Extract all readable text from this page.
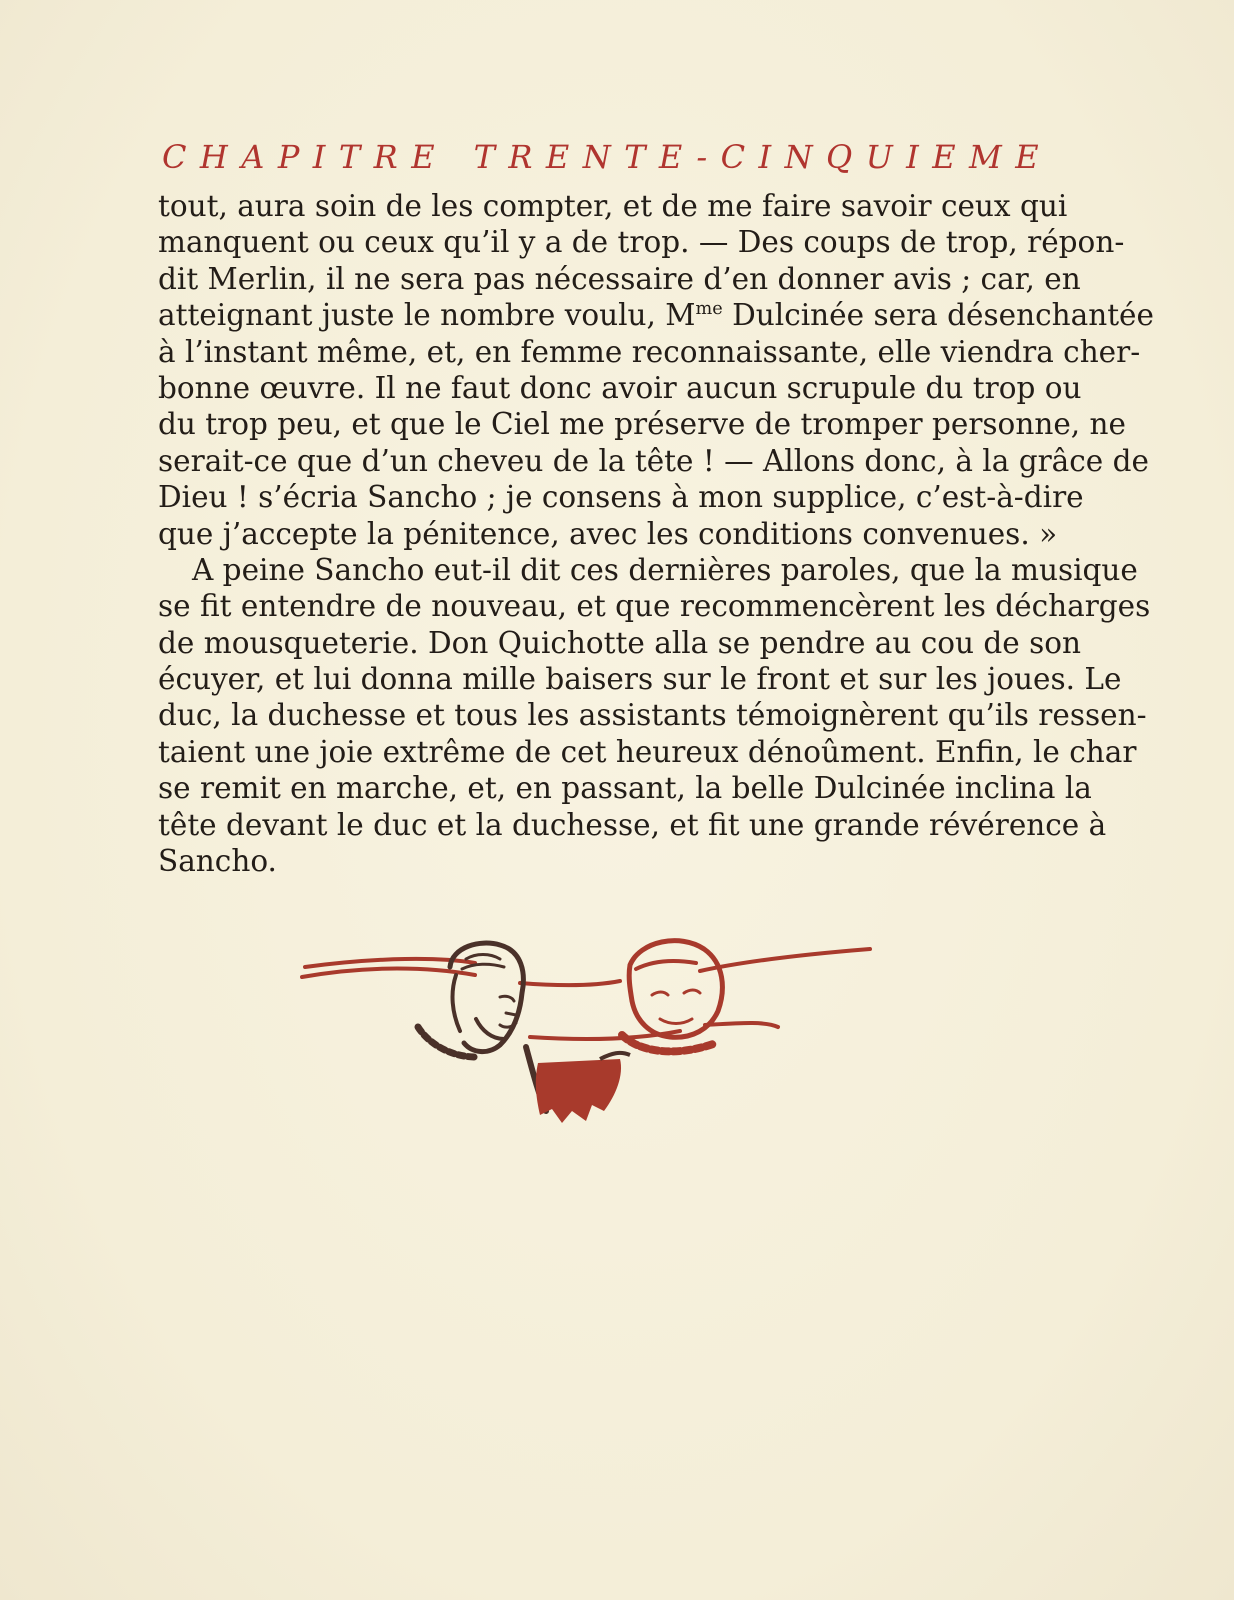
CHAPITRE TRENTE-CINQUIEME
tout, aura soin de les compter, et de me faire savoir ceux qui
manquent ou ceux qu’il y a de trop. — Des coups de trop, répon-
dit Merlin, il ne sera pas nécessaire d’en donner avis ; car, en
atteignant juste le nombre voulu, $M^{me}$ Dulcinée sera désenchantée
à l’instant même, et, en femme reconnaissante, elle viendra cher-
bonne œuvre. Il ne faut donc avoir aucun scrupule du trop ou
du trop peu, et que le Ciel me préserve de tromper personne, ne
serait-ce que d’un cheveu de la tête ! — Allons donc, à la grâce de
Dieu ! s’écria Sancho ; je consens à mon supplice, c’est-à-dire
que j’accepte la pénitence, avec les conditions convenues. »
A peine Sancho eut-il dit ces dernières paroles, que la musique
se fit entendre de nouveau, et que recommencèrent les décharges
de mousqueterie. Don Quichotte alla se pendre au cou de son
écuyer, et lui donna mille baisers sur le front et sur les joues. Le
duc, la duchesse et tous les assistants témoignèrent qu’ils ressen-
taient une joie extrême de cet heureux dénoûment. Enfin, le char
se remit en marche, et, en passant, la belle Dulcinée inclina la
tête devant le duc et la duchesse, et fit une grande révérence à
Sancho.
